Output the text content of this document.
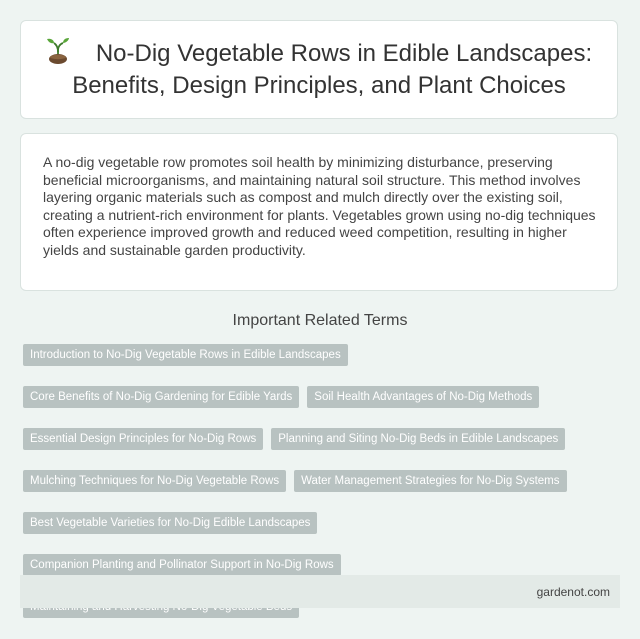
No-Dig Vegetable Rows in Edible Landscapes: Benefits, Design Principles, and Plant Choices

A no-dig vegetable row promotes soil health by minimizing disturbance, preserving beneficial microorganisms, and maintaining natural soil structure. This method involves layering organic materials such as compost and mulch directly over the existing soil, creating a nutrient-rich environment for plants. Vegetables grown using no-dig techniques often experience improved growth and reduced weed competition, resulting in higher yields and sustainable garden productivity.

Important Related Terms
Introduction to No-Dig Vegetable Rows in Edible Landscapes
Core Benefits of No-Dig Gardening for Edible Yards	Soil Health Advantages of No-Dig Methods
Essential Design Principles for No-Dig Rows	Planning and Siting No-Dig Beds in Edible Landscapes
Mulching Techniques for No-Dig Vegetable Rows	Water Management Strategies for No-Dig Systems
Best Vegetable Varieties for No-Dig Edible Landscapes
Companion Planting and Pollinator Support in No-Dig Rows
gardenot.com
